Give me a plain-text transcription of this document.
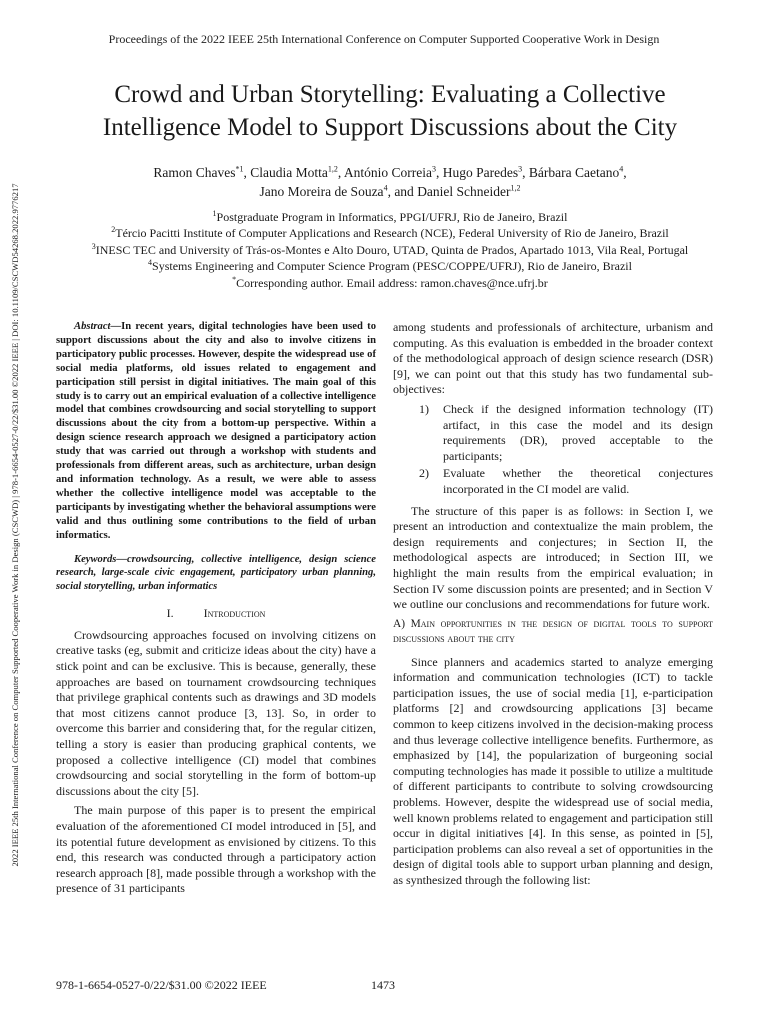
2022 IEEE 25th International Conference on Computer Supported Cooperative Work in Design (CSCWD) | 978-1-6654-0527-0/22/$31.00 ©2022 IEEE | DOI: 10.1109/CSCWD54268.2022.9776217
Proceedings of the 2022 IEEE 25th International Conference on Computer Supported Cooperative Work in Design
Crowd and Urban Storytelling: Evaluating a Collective
Intelligence Model to Support Discussions about the City
Ramon Chaves$^{*1}$, Claudia Motta$^{1,2}$, António Correia$^3$, Hugo Paredes$^3$, Bárbara Caetano$^4$,
Jano Moreira de Souza$^4$, and Daniel Schneider$^{1,2}$
$^1$Postgraduate Program in Informatics, PPGI/UFRJ, Rio de Janeiro, Brazil
$^2$Tércio Pacitti Institute of Computer Applications and Research (NCE), Federal University of Rio de Janeiro, Brazil
$^3$INESC TEC and University of Trás-os-Montes e Alto Douro, UTAD, Quinta de Prados, Apartado 1013, Vila Real, Portugal
$^4$Systems Engineering and Computer Science Program (PESC/COPPE/UFRJ), Rio de Janeiro, Brazil
*Corresponding author. Email address: ramon.chaves@nce.ufrj.br
Abstract—In recent years, digital technologies have been used to support discussions about the city and also to involve citizens in participatory public processes. However, despite the widespread use of social media platforms, old issues related to engagement and participation still persist in digital initiatives. The main goal of this study is to carry out an empirical evaluation of a collective intelligence model that combines crowdsourcing and social storytelling to support discussions about the city from a bottom-up perspective. Within a design science research approach we designed a participatory action study that was carried out through a workshop with students and professionals from different areas, such as architecture, urban design and information technology. As a result, we were able to assess whether the collective intelligence model was acceptable to the participants by investigating whether the behavioral assumptions were valid and thus outlining some contributions to the field of urban informatics.
Keywords—crowdsourcing, collective intelligence, design science research, large-scale civic engagement, participatory urban planning, social storytelling, urban informatics
I.	Introduction

Crowdsourcing approaches focused on involving citizens on creative tasks (eg, submit and criticize ideas about the city) have a stick point and can be exclusive. This is because, generally, these approaches are based on tournament crowdsourcing techniques that privilege graphical contents such as drawings and 3D models that most citizens cannot produce [3, 13]. So, in order to overcome this barrier and considering that, for the regular citizen, telling a story is easier than producing graphical contents, we proposed a collective intelligence (CI) model that combines crowdsourcing and social storytelling in the form of bottom-up discussions about the city [5].

The main purpose of this paper is to present the empirical evaluation of the aforementioned CI model introduced in [5], and its potential future development as envisioned by citizens. To this end, this research was conducted through a participatory action research approach [8], made possible through a workshop with the presence of 31 participants

among students and professionals of architecture, urbanism and computing. As this evaluation is embedded in the broader context of the methodological approach of design science research (DSR) [9], we can point out that this study has two fundamental sub-objectives:

1)	Check if the designed information technology (IT) artifact, in this case the model and its design requirements (DR), proved acceptable to the participants;
2)	Evaluate whether the theoretical conjectures incorporated in the CI model are valid.

The structure of this paper is as follows: in Section I, we present an introduction and contextualize the main problem, the design requirements and conjectures; in Section II, the methodological aspects are introduced; in Section III, we highlight the main results from the empirical evaluation; in Section IV some discussion points are presented; and in Section V we outline our conclusions and recommendations for future work.

A) Main opportunities in the design of digital tools to support discussions about the city

Since planners and academics started to analyze emerging information and communication technologies (ICT) to tackle participation issues, the use of social media [1], e-participation platforms [2] and crowdsourcing applications [3] became common to keep citizens involved in the decision-making process and thus leverage collective intelligence benefits. Furthermore, as emphasized by [14], the popularization of burgeoning social computing technologies has made it possible to utilize a multitude of different participants to contribute to solving crowdsourcing problems. However, despite the widespread use of social media, well known problems related to engagement and participation still occur in digital initiatives [4]. In this sense, as pointed in [5], participation problems can also reveal a set of opportunities in the design of digital tools able to support urban planning and design, as synthesized through the following list:

978-1-6654-0527-0/22/$31.00 ©2022 IEEE	1473
